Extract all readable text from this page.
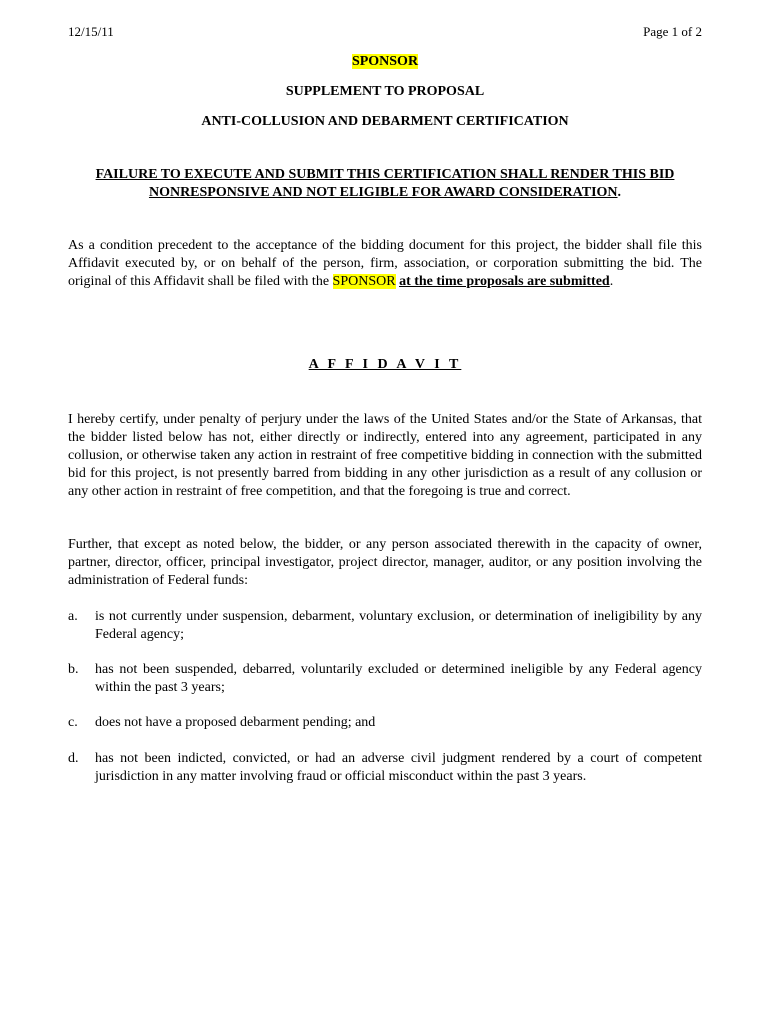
12/15/11	Page 1 of 2
SPONSOR
SUPPLEMENT TO PROPOSAL
ANTI-COLLUSION AND DEBARMENT CERTIFICATION
FAILURE TO EXECUTE AND SUBMIT THIS CERTIFICATION SHALL RENDER THIS BID NONRESPONSIVE AND NOT ELIGIBLE FOR AWARD CONSIDERATION.
As a condition precedent to the acceptance of the bidding document for this project, the bidder shall file this Affidavit executed by, or on behalf of the person, firm, association, or corporation submitting the bid. The original of this Affidavit shall be filed with the SPONSOR at the time proposals are submitted.
A F F I D A V I T
I hereby certify, under penalty of perjury under the laws of the United States and/or the State of Arkansas, that the bidder listed below has not, either directly or indirectly, entered into any agreement, participated in any collusion, or otherwise taken any action in restraint of free competitive bidding in connection with the submitted bid for this project, is not presently barred from bidding in any other jurisdiction as a result of any collusion or any other action in restraint of free competition, and that the foregoing is true and correct.
Further, that except as noted below, the bidder, or any person associated therewith in the capacity of owner, partner, director, officer, principal investigator, project director, manager, auditor, or any position involving the administration of Federal funds:
a. is not currently under suspension, debarment, voluntary exclusion, or determination of ineligibility by any Federal agency;
b. has not been suspended, debarred, voluntarily excluded or determined ineligible by any Federal agency within the past 3 years;
c. does not have a proposed debarment pending; and
d. has not been indicted, convicted, or had an adverse civil judgment rendered by a court of competent jurisdiction in any matter involving fraud or official misconduct within the past 3 years.
